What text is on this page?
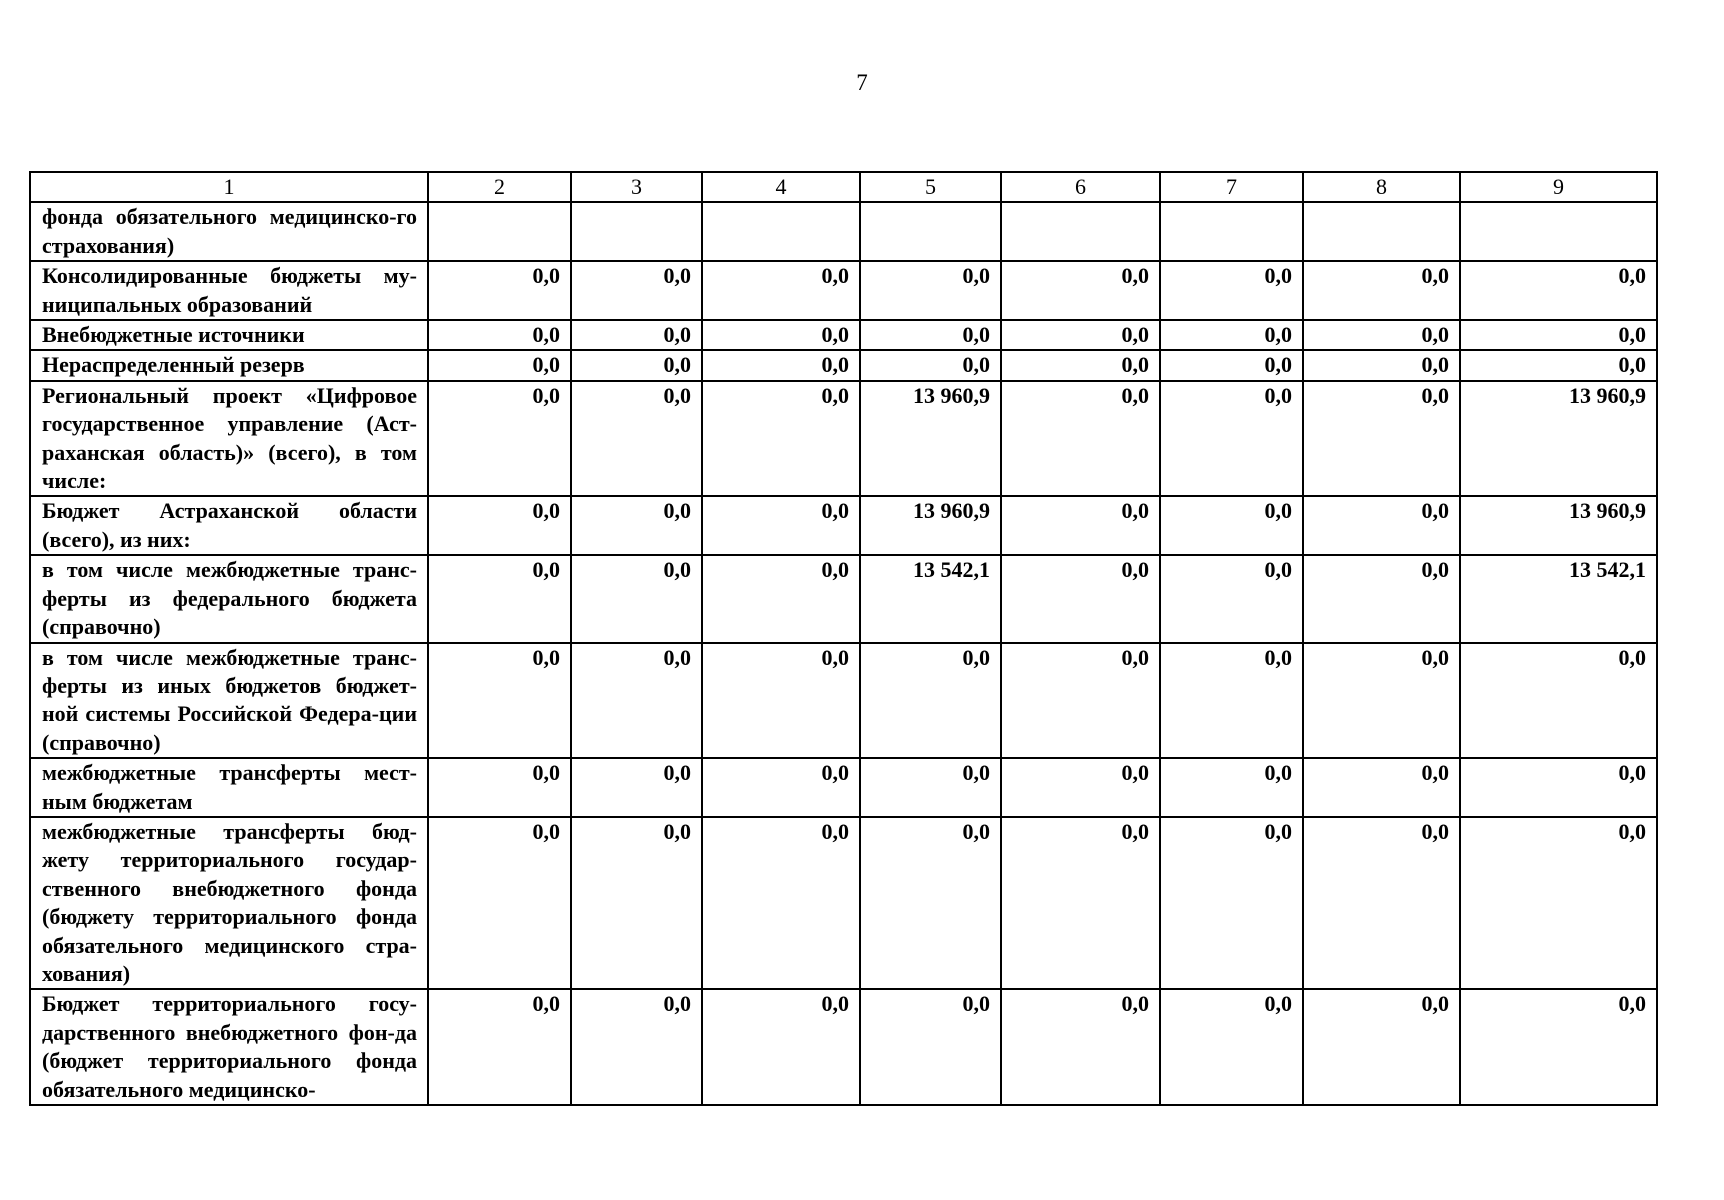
7
1	2	3	4	5	6	7	8	9
фонда обязательного медицинско-го страхования)								
Консолидированные бюджеты му-ниципальных образований	0,0	0,0	0,0	0,0	0,0	0,0	0,0	0,0
Внебюджетные источники	0,0	0,0	0,0	0,0	0,0	0,0	0,0	0,0
Нераспределенный резерв	0,0	0,0	0,0	0,0	0,0	0,0	0,0	0,0
Региональный проект «Цифровое государственное управление (Аст-раханская область)» (всего), в том числе:	0,0	0,0	0,0	13 960,9	0,0	0,0	0,0	13 960,9
Бюджет Астраханской области (всего), из них:	0,0	0,0	0,0	13 960,9	0,0	0,0	0,0	13 960,9
в том числе межбюджетные транс-ферты из федерального бюджета (справочно)	0,0	0,0	0,0	13 542,1	0,0	0,0	0,0	13 542,1
в том числе межбюджетные транс-ферты из иных бюджетов бюджет-ной системы Российской Федера-ции (справочно)	0,0	0,0	0,0	0,0	0,0	0,0	0,0	0,0
межбюджетные трансферты мест-ным бюджетам	0,0	0,0	0,0	0,0	0,0	0,0	0,0	0,0
межбюджетные трансферты бюд-жету территориального государ-ственного внебюджетного фонда (бюджету территориального фонда обязательного медицинского стра-хования)	0,0	0,0	0,0	0,0	0,0	0,0	0,0	0,0
Бюджет территориального госу-дарственного внебюджетного фон-да (бюджет территориального фонда обязательного медицинско-	0,0	0,0	0,0	0,0	0,0	0,0	0,0	0,0
